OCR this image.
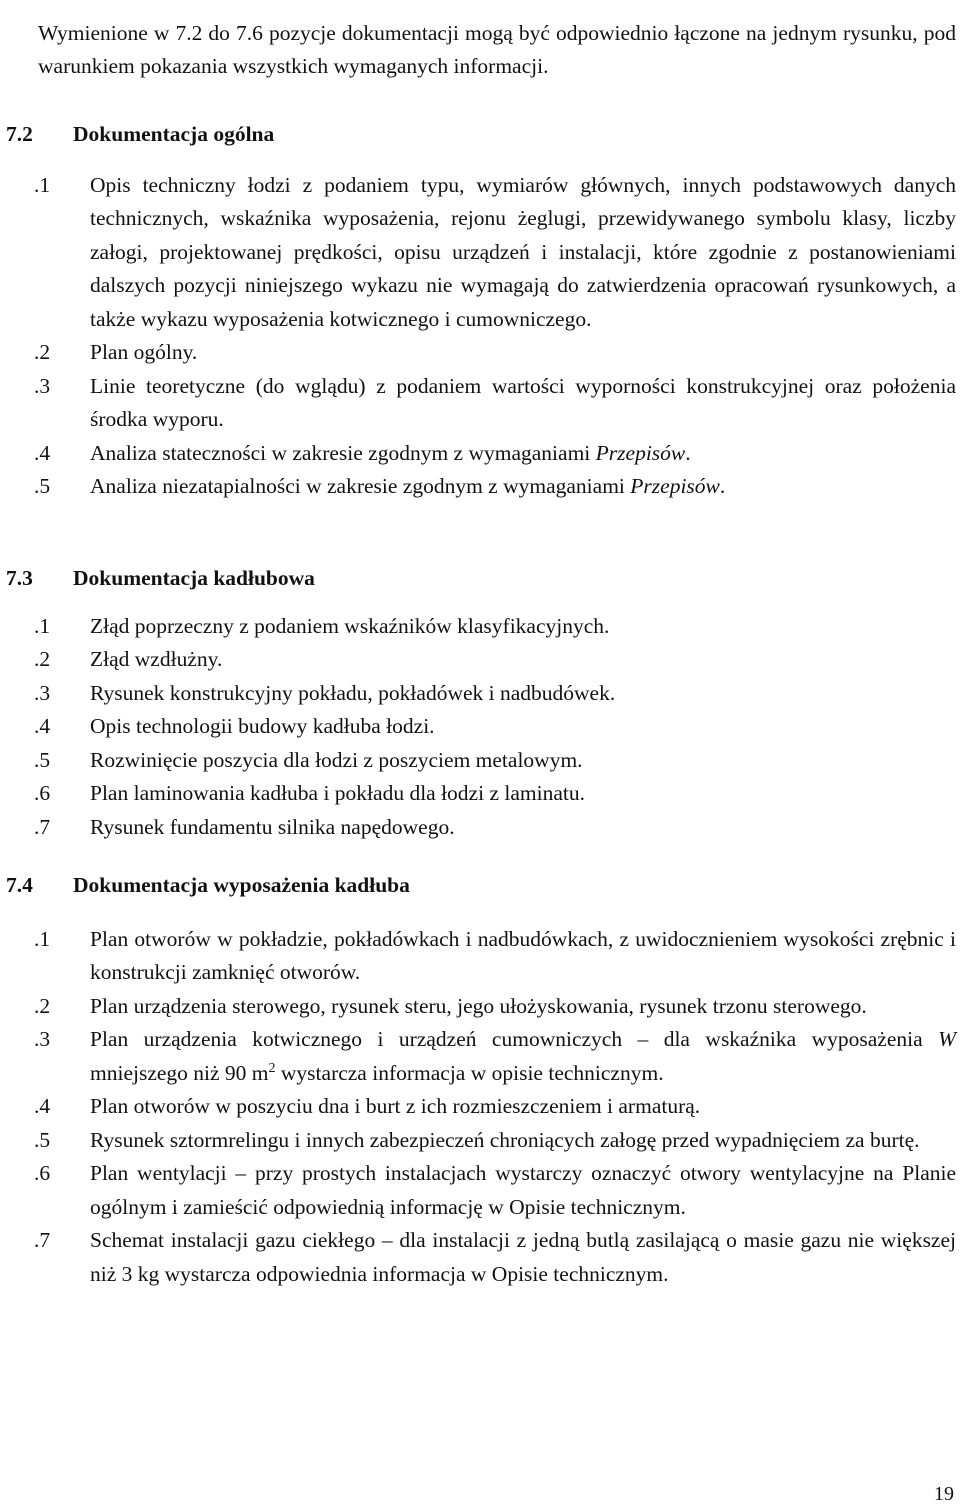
Wymienione w 7.2 do 7.6 pozycje dokumentacji mogą być odpowiednio łączone na jednym rysunku, pod warunkiem pokazania wszystkich wymaganych informacji.

7.2	Dokumentacja ogólna
.1 Opis techniczny łodzi z podaniem typu, wymiarów głównych, innych podstawowych danych technicznych, wskaźnika wyposażenia, rejonu żeglugi, przewidywanego symbolu klasy, liczby załogi, projektowanej prędkości, opisu urządzeń i instalacji, które zgodnie z postanowieniami dalszych pozycji niniejszego wykazu nie wymagają do zatwierdzenia opracowań rysunkowych, a także wykazu wyposażenia kotwicznego i cumowniczego.
.2 Plan ogólny.
.3 Linie teoretyczne (do wglądu) z podaniem wartości wyporności konstrukcyjnej oraz położenia środka wyporu.
.4 Analiza stateczności w zakresie zgodnym z wymaganiami Przepisów.
.5 Analiza niezatapialności w zakresie zgodnym z wymaganiami Przepisów.
7.3	Dokumentacja kadłubowa
.1 Złąd poprzeczny z podaniem wskaźników klasyfikacyjnych.
.2 Złąd wzdłużny.
.3 Rysunek konstrukcyjny pokładu, pokładówek i nadbudówek.
.4 Opis technologii budowy kadłuba łodzi.
.5 Rozwinięcie poszycia dla łodzi z poszyciem metalowym.
.6 Plan laminowania kadłuba i pokładu dla łodzi z laminatu.
.7 Rysunek fundamentu silnika napędowego.
7.4	Dokumentacja wyposażenia kadłuba
.1 Plan otworów w pokładzie, pokładówkach i nadbudówkach, z uwidocznieniem wysokości zrębnic i konstrukcji zamknięć otworów.
.2 Plan urządzenia sterowego, rysunek steru, jego ułożyskowania, rysunek trzonu sterowego.
.3 Plan urządzenia kotwicznego i urządzeń cumowniczych – dla wskaźnika wyposażenia W mniejszego niż 90 $m^2$ wystarcza informacja w opisie technicznym.
.4 Plan otworów w poszyciu dna i burt z ich rozmieszczeniem i armaturą.
.5 Rysunek sztormrelingu i innych zabezpieczeń chroniących załogę przed wypadnięciem za burtę.
.6 Plan wentylacji – przy prostych instalacjach wystarczy oznaczyć otwory wentylacyjne na Planie ogólnym i zamieścić odpowiednią informację w Opisie technicznym.
.7 Schemat instalacji gazu ciekłego – dla instalacji z jedną butlą zasilającą o masie gazu nie większej niż 3 kg wystarcza odpowiednia informacja w Opisie technicznym.
19
